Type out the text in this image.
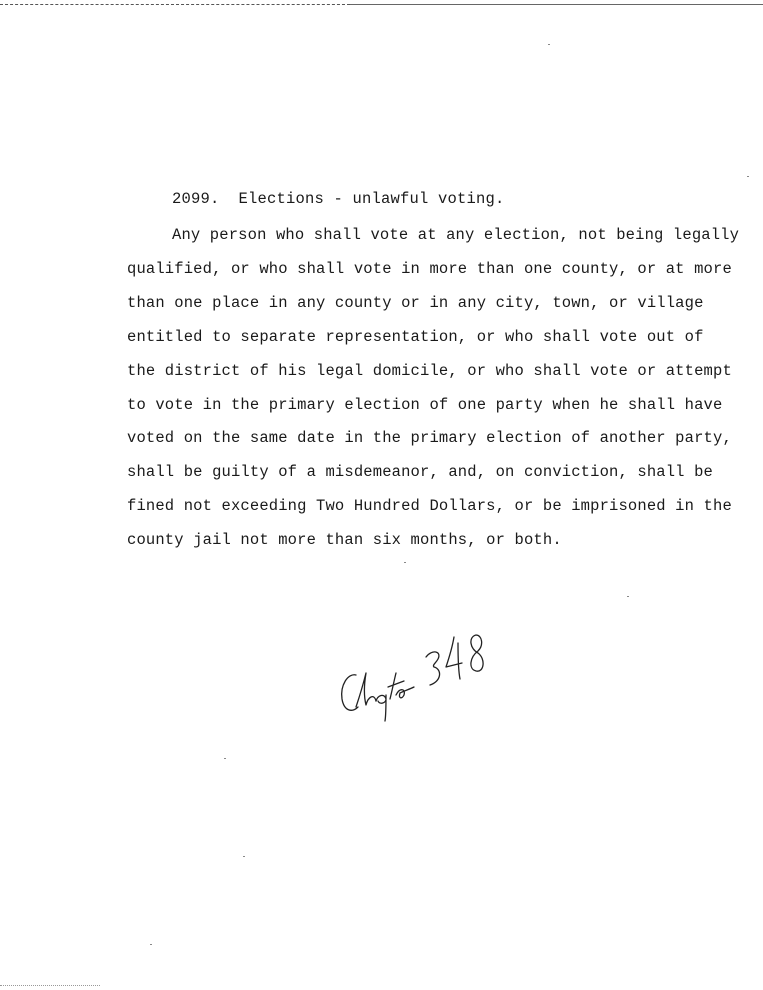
2099.  Elections - unlawful voting.
Any person who shall vote at any election, not being legally
qualified, or who shall vote in more than one county, or at more
than one place in any county or in any city, town, or village
entitled to separate representation, or who shall vote out of
the district of his legal domicile, or who shall vote or attempt
to vote in the primary election of one party when he shall have
voted on the same date in the primary election of another party,
shall be guilty of a misdemeanor, and, on conviction, shall be
fined not exceeding Two Hundred Dollars, or be imprisoned in the
county jail not more than six months, or both.
